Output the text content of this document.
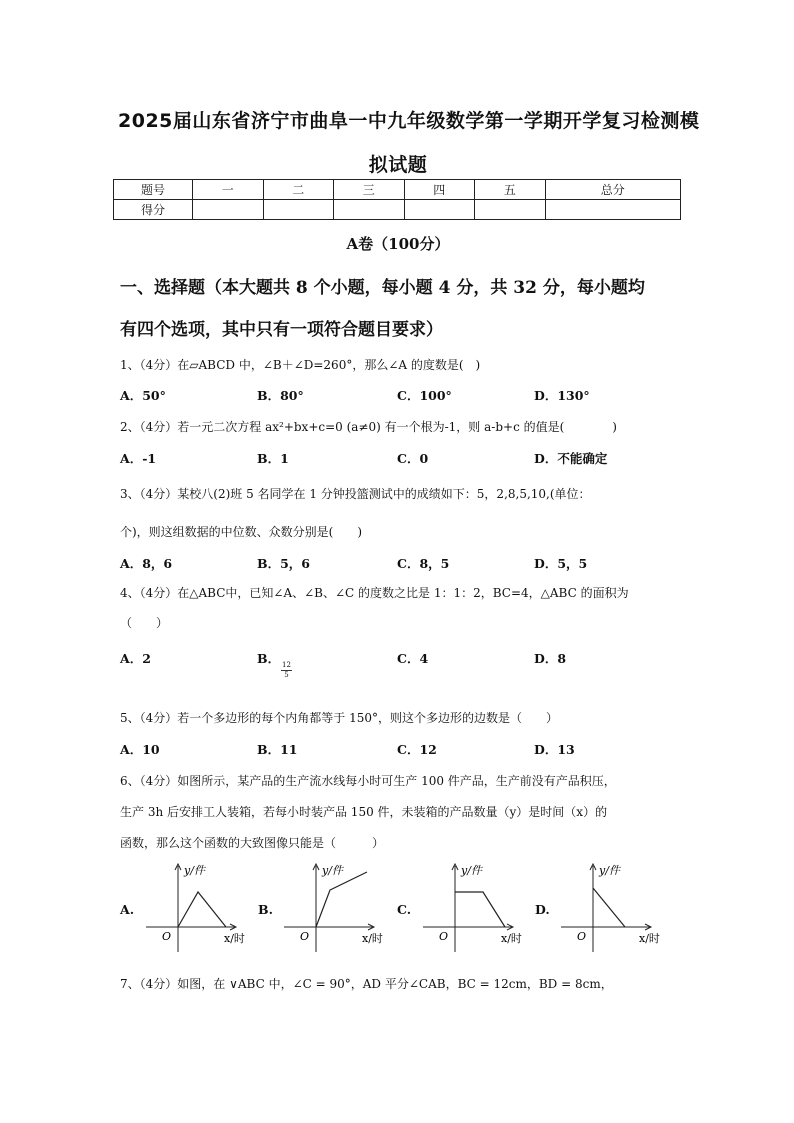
2025届山东省济宁市曲阜一中九年级数学第一学期开学复习检测模
拟试题
题号	一	二	三	四	五	总分
得分						
A卷（100分）
一、选择题（本大题共 8 个小题，每小题 4 分，共 32 分，每小题均
有四个选项，其中只有一项符合题目要求）
1、（4分）在▱ABCD 中，∠B＋∠D=260°，那么∠A 的度数是(　)
A．50°	B．80°	C．100°	D．130°
2、（4分）若一元二次方程 ax²+bx+c=0 (a≠0) 有一个根为-1，则 a-b+c 的值是(　　　　)
A．-1	B．1	C．0	D．不能确定
3、（4分）某校八(2)班 5 名同学在 1 分钟投篮测试中的成绩如下：5，2,8,5,10,(单位：
个)，则这组数据的中位数、众数分别是(　　)
A．8，6	B．5，6	C．8，5	D．5，5
4、（4分）在△ABC中，已知∠A、∠B、∠C 的度数之比是 1：1：2，BC=4，△ABC 的面积为
（　　）
A．2	B．
$\frac{12}{5}$
C．4	D．8
5、（4分）若一个多边形的每个内角都等于 150°，则这个多边形的边数是（　　）
A．10	B．11	C．12	D．13
6、（4分）如图所示，某产品的生产流水线每小时可生产 100 件产品，生产前没有产品积压，
生产 3h 后安排工人装箱，若每小时装产品 150 件，未装箱的产品数量（y）是时间（x）的
函数，那么这个函数的大致图像只能是（　　　）
A.	B.	C.	D.
y/件
x/时
O
y/件
x/时
O
y/件
x/时
O
y/件
x/时
O
7、（4分）如图，在 ∨ABC 中，∠C = 90°，AD 平分∠CAB，BC = 12cm，BD = 8cm，
